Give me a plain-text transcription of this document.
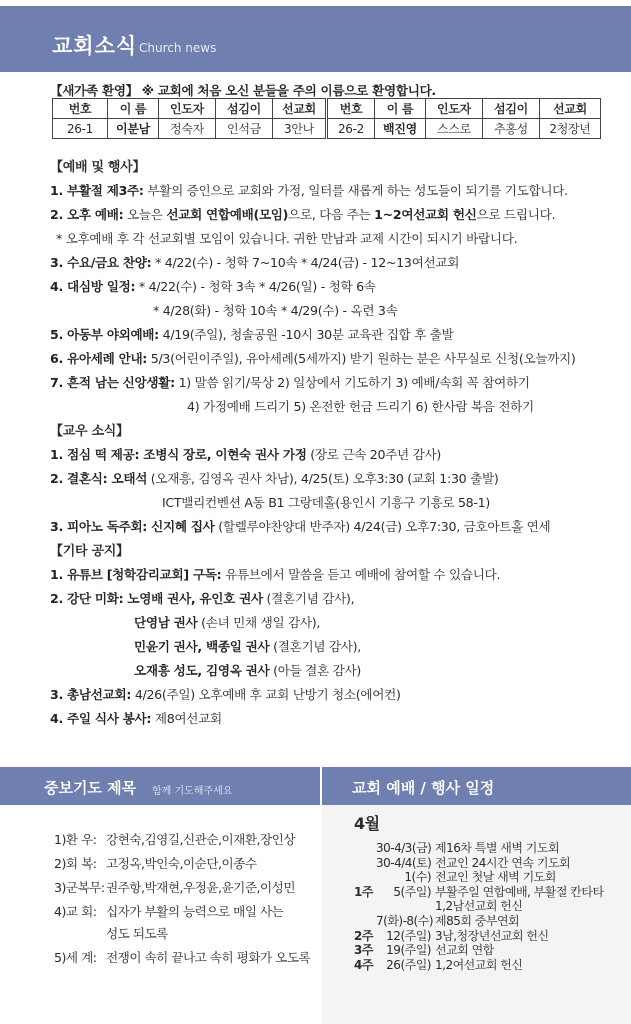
교회소식 Church news
【새가족 환영】 ※ 교회에 처음 오신 분들을 주의 이름으로 환영합니다.
번호	이 름	인도자	섬김이	선교회	번호	이 름	인도자	섬김이	선교회
26-1	이분남	정숙자	인석금	3안나	26-2	백진영	스스로	추홍성	2청장년
【예배 및 행사】
1. 부활절 제3주: 부활의 증인으로 교회와 가정, 일터를 새롭게 하는 성도들이 되기를 기도합니다.
2. 오후 예배: 오늘은 선교회 연합예배(모임)으로, 다음 주는 1~2여선교회 헌신으로 드립니다.
* 오후예배 후 각 선교회별 모임이 있습니다. 귀한 만남과 교제 시간이 되시기 바랍니다.
3. 수요/금요 찬양: * 4/22(수) - 청학 7~10속 * 4/24(금) - 12~13여선교회
4. 대심방 일정: * 4/22(수) - 청학 3속 * 4/26(일) - 청학 6속
* 4/28(화) - 청학 10속 * 4/29(수) - 옥련 3속
5. 아동부 야외예배: 4/19(주일), 청솔공원 -10시 30분 교육관 집합 후 출발
6. 유아세례 안내: 5/3(어린이주일), 유아세례(5세까지) 받기 원하는 분은 사무실로 신청(오늘까지)
7. 흔적 남는 신앙생활: 1) 말씀 읽기/묵상 2) 일상에서 기도하기 3) 예배/속회 꼭 참여하기
4) 가정예배 드리기 5) 온전한 헌금 드리기 6) 한사람 복음 전하기
【교우 소식】
1. 점심 떡 제공: 조병식 장로, 이현숙 권사 가정 (장로 근속 20주년 감사)
2. 결혼식: 오태석 (오재흥, 김영옥 권사 차남), 4/25(토) 오후3:30 (교회 1:30 출발)
ICT밸리컨벤션 A동 B1 그랑데홀(용인시 기흥구 기흥로 58-1)
3. 피아노 독주회: 신지혜 집사 (할렐루야찬양대 반주자) 4/24(금) 오후7:30, 금호아트홀 연세
【기타 공지】
1. 유튜브 [청학감리교회] 구독: 유튜브에서 말씀을 듣고 예배에 참여할 수 있습니다.
2. 강단 미화: 노영배 권사, 유인호 권사 (결혼기념 감사),
단영남 권사 (손녀 민채 생일 감사),
민윤기 권사, 백종일 권사 (결혼기념 감사),
오재흥 성도, 김영옥 권사 (아들 결혼 감사)
3. 총남선교회: 4/26(주일) 오후예배 후 교회 난방기 청소(에어컨)
4. 주일 식사 봉사: 제8여선교회
중보기도 제목 함께 기도해주세요
1)환 우: 강현숙,김영길,신관순,이재환,장인상
2)회 복: 고정옥,박인숙,이순단,이종수
3)군복무:권주항,박재현,우정윤,윤기준,이성민
4)교 회: 십자가 부활의 능력으로 매일 사는
성도 되도록
5)세 계: 전쟁이 속히 끝나고 속히 평화가 오도록
교회 예배 / 행사 일정
4월
30-4/3(금) 제16차 특별 새벽 기도회
30-4/4(토) 전교인 24시간 연속 기도회
1(수) 전교인 첫날 새벽 기도회
1주	5(주일) 부활주일 연합예배, 부활절 칸타타
1,2남선교회 헌신
7(화)-8(수) 제85회 중부연회
2주	12(주일) 3남,청장년선교회 헌신
3주	19(주일) 선교회 연합
4주	26(주일) 1,2여선교회 헌신
